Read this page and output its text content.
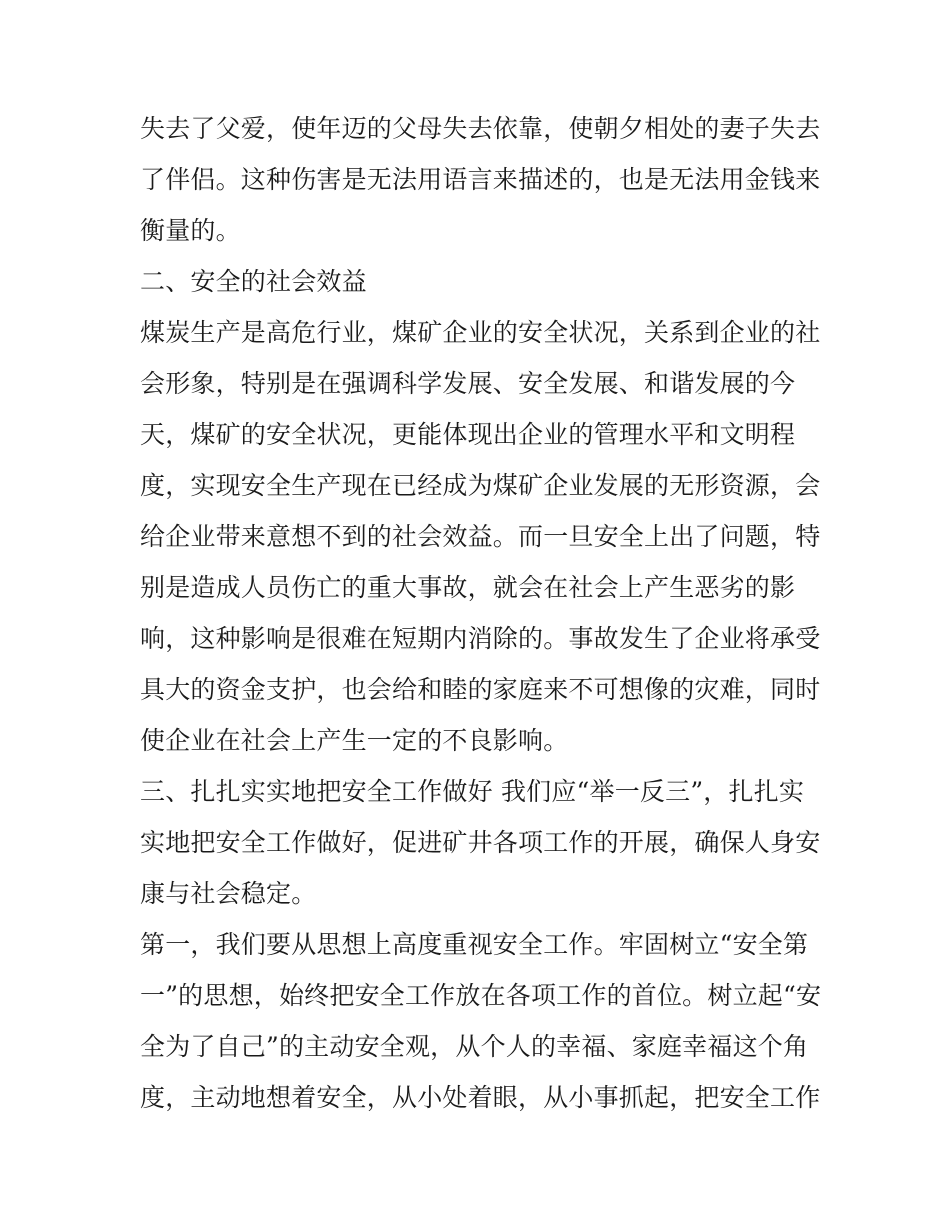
失去了父爱，使年迈的父母失去依靠，使朝夕相处的妻子失去
了伴侣。这种伤害是无法用语言来描述的，也是无法用金钱来
衡量的。
二、安全的社会效益
煤炭生产是高危行业，煤矿企业的安全状况，关系到企业的社
会形象，特别是在强调科学发展、安全发展、和谐发展的今
天，煤矿的安全状况，更能体现出企业的管理水平和文明程
度，实现安全生产现在已经成为煤矿企业发展的无形资源，会
给企业带来意想不到的社会效益。而一旦安全上出了问题，特
别是造成人员伤亡的重大事故，就会在社会上产生恶劣的影
响，这种影响是很难在短期内消除的。事故发生了企业将承受
具大的资金支护，也会给和睦的家庭来不可想像的灾难，同时
使企业在社会上产生一定的不良影响。
三、扎扎实实地把安全工作做好 我们应“举一反三”，扎扎实
实地把安全工作做好，促进矿井各项工作的开展，确保人身安
康与社会稳定。
第一，我们要从思想上高度重视安全工作。牢固树立“安全第
一”的思想，始终把安全工作放在各项工作的首位。树立起“安
全为了自己”的主动安全观，从个人的幸福、家庭幸福这个角
度，主动地想着安全，从小处着眼，从小事抓起，把安全工作
